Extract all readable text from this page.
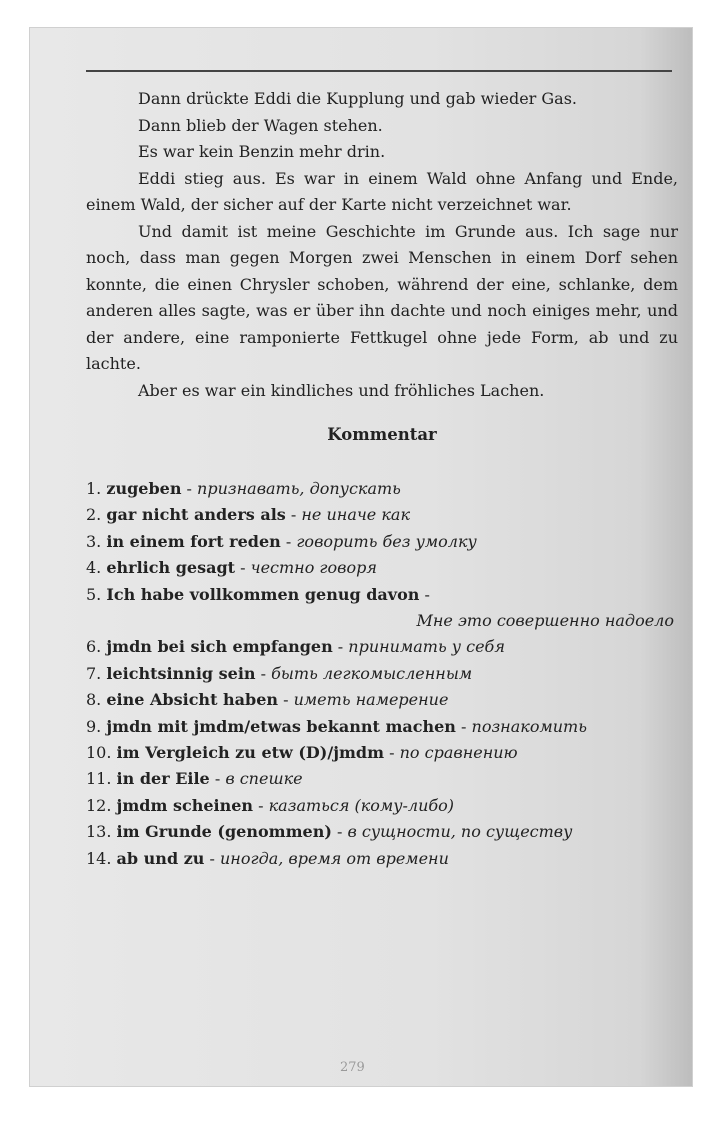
Dann drückte Eddi die Kupplung und gab wieder Gas.

Dann blieb der Wagen stehen.

Es war kein Benzin mehr drin.

Eddi stieg aus. Es war in einem Wald ohne Anfang und Ende, einem Wald, der sicher auf der Karte nicht verzeichnet war.

Und damit ist meine Geschichte im Grunde aus. Ich sage nur noch, dass man gegen Morgen zwei Menschen in einem Dorf sehen konnte, die einen Chrysler schoben, während der eine, schlanke, dem anderen alles sagte, was er über ihn dachte und noch einiges mehr, und der andere, eine ramponierte Fettkugel ohne jede Form, ab und zu lachte.

Aber es war ein kindliches und fröhliches Lachen.

Kommentar
1. zugeben - признавать, допускать
2. gar nicht anders als - не иначе как
3. in einem fort reden - говорить без умолку
4. ehrlich gesagt - честно говоря
5. Ich habe vollkommen genug davon -
Мне это совершенно надоело
6. jmdn bei sich empfangen - принимать у себя
7. leichtsinnig sein - быть легкомысленным
8. eine Absicht haben - иметь намерение
9. jmdn mit jmdm/etwas bekannt machen - познакомить
10. im Vergleich zu etw (D)/jmdm - по сравнению
11. in der Eile - в спешке
12. jmdm scheinen - казаться (кому-либо)
13. im Grunde (genommen) - в сущности, по существу
14. ab und zu - иногда, время от времени
279
